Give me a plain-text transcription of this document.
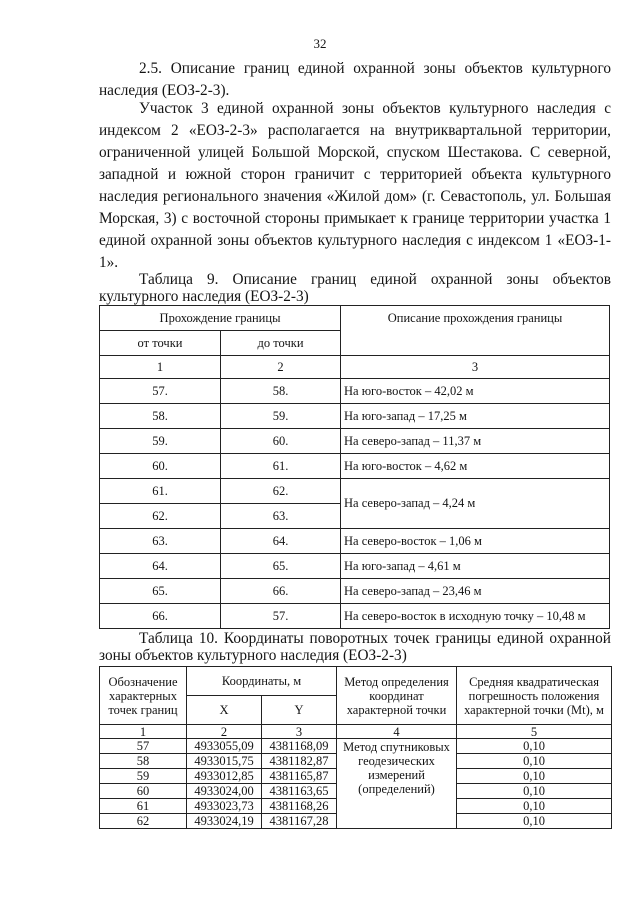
32
2.5. Описание границ единой охранной зоны объектов культурного наследия (ЕОЗ-2-3).
Участок 3 единой охранной зоны объектов культурного наследия с индексом 2 «ЕОЗ-2-3» располагается на внутриквартальной территории, ограниченной улицей Большой Морской, спуском Шестакова. С северной, западной и южной сторон граничит с территорией объекта культурного наследия регионального значения «Жилой дом» (г. Севастополь, ул. Большая Морская, 3) с восточной стороны примыкает к границе территории участка 1 единой охранной зоны объектов культурного наследия с индексом 1 «ЕОЗ-1-1».
Таблица 9. Описание границ единой охранной зоны объектов культурного наследия (ЕОЗ-2-3)
Прохождение границы		Описание прохождения границы
от точки	до точки	
1	2	3
57.	58.	На юго-восток – 42,02 м
58.	59.	На юго-запад – 17,25 м
59.	60.	На северо-запад – 11,37 м
60.	61.	На юго-восток – 4,62 м
61.	62.	На северо-запад – 4,24 м
62.	63.	
63.	64.	На северо-восток – 1,06 м
64.	65.	На юго-запад – 4,61 м
65.	66.	На северо-запад – 23,46 м
66.	57.	На северо-восток в исходную точку – 10,48 м
Таблица 10. Координаты поворотных точек границы единой охранной зоны объектов культурного наследия (ЕОЗ-2-3)
Обозначение характерных точек границ	Координаты, м		Метод определения координат характерной точки	Средняя квадратическая погрешность положения характерной точки (Mt), м
	X	Y		
1	2	3	4	5
57	4933055,09	4381168,09	Метод спутниковых геодезических измерений (определений)	0,10
58	4933015,75	4381182,87		0,10
59	4933012,85	4381165,87		0,10
60	4933024,00	4381163,65		0,10
61	4933023,73	4381168,26		0,10
62	4933024,19	4381167,28		0,10
